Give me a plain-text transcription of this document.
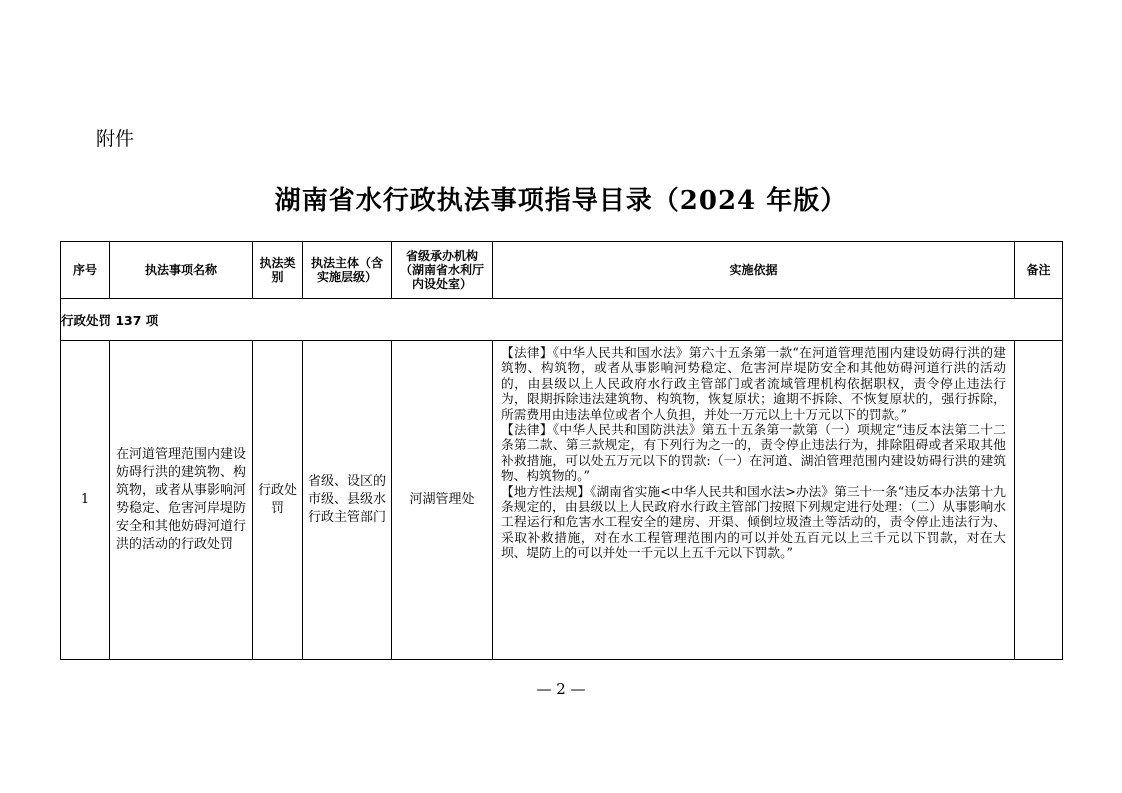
附件
湖南省水行政执法事项指导目录（2024 年版）
序号	执法事项名称	执法类别	执法主体（含实施层级）	省级承办机构（湖南省水利厅内设处室）	实施依据	备注

行政处罚 137 项						
1	在河道管理范围内建设妨碍行洪的建筑物、构筑物，或者从事影响河势稳定、危害河岸堤防安全和其他妨碍河道行洪的活动的行政处罚	行政处罚	省级、设区的市级、县级水行政主管部门	河湖管理处	【法律】《中华人民共和国水法》第六十五条第一款“在河道管理范围内建设妨碍行洪的建筑物、构筑物，或者从事影响河势稳定、危害河岸堤防安全和其他妨碍河道行洪的活动的，由县级以上人民政府水行政主管部门或者流域管理机构依据职权，责令停止违法行为，限期拆除违法建筑物、构筑物，恢复原状；逾期不拆除、不恢复原状的，强行拆除，所需费用由违法单位或者个人负担，并处一万元以上十万元以下的罚款。”

【法律】《中华人民共和国防洪法》第五十五条第一款第（一）项规定“违反本法第二十二条第二款、第三款规定，有下列行为之一的，责令停止违法行为，排除阻碍或者采取其他补救措施，可以处五万元以下的罚款:（一）在河道、湖泊管理范围内建设妨碍行洪的建筑物、构筑物的。”

【地方性法规】《湖南省实施<中华人民共和国水法>办法》第三十一条“违反本办法第十九条规定的，由县级以上人民政府水行政主管部门按照下列规定进行处理：（二）从事影响水工程运行和危害水工程安全的建房、开渠、倾倒垃圾渣土等活动的，责令停止违法行为、采取补救措施，对在水工程管理范围内的可以并处五百元以上三千元以下罚款，对在大坝、堤防上的可以并处一千元以上五千元以下罚款。”	

— 2 —
